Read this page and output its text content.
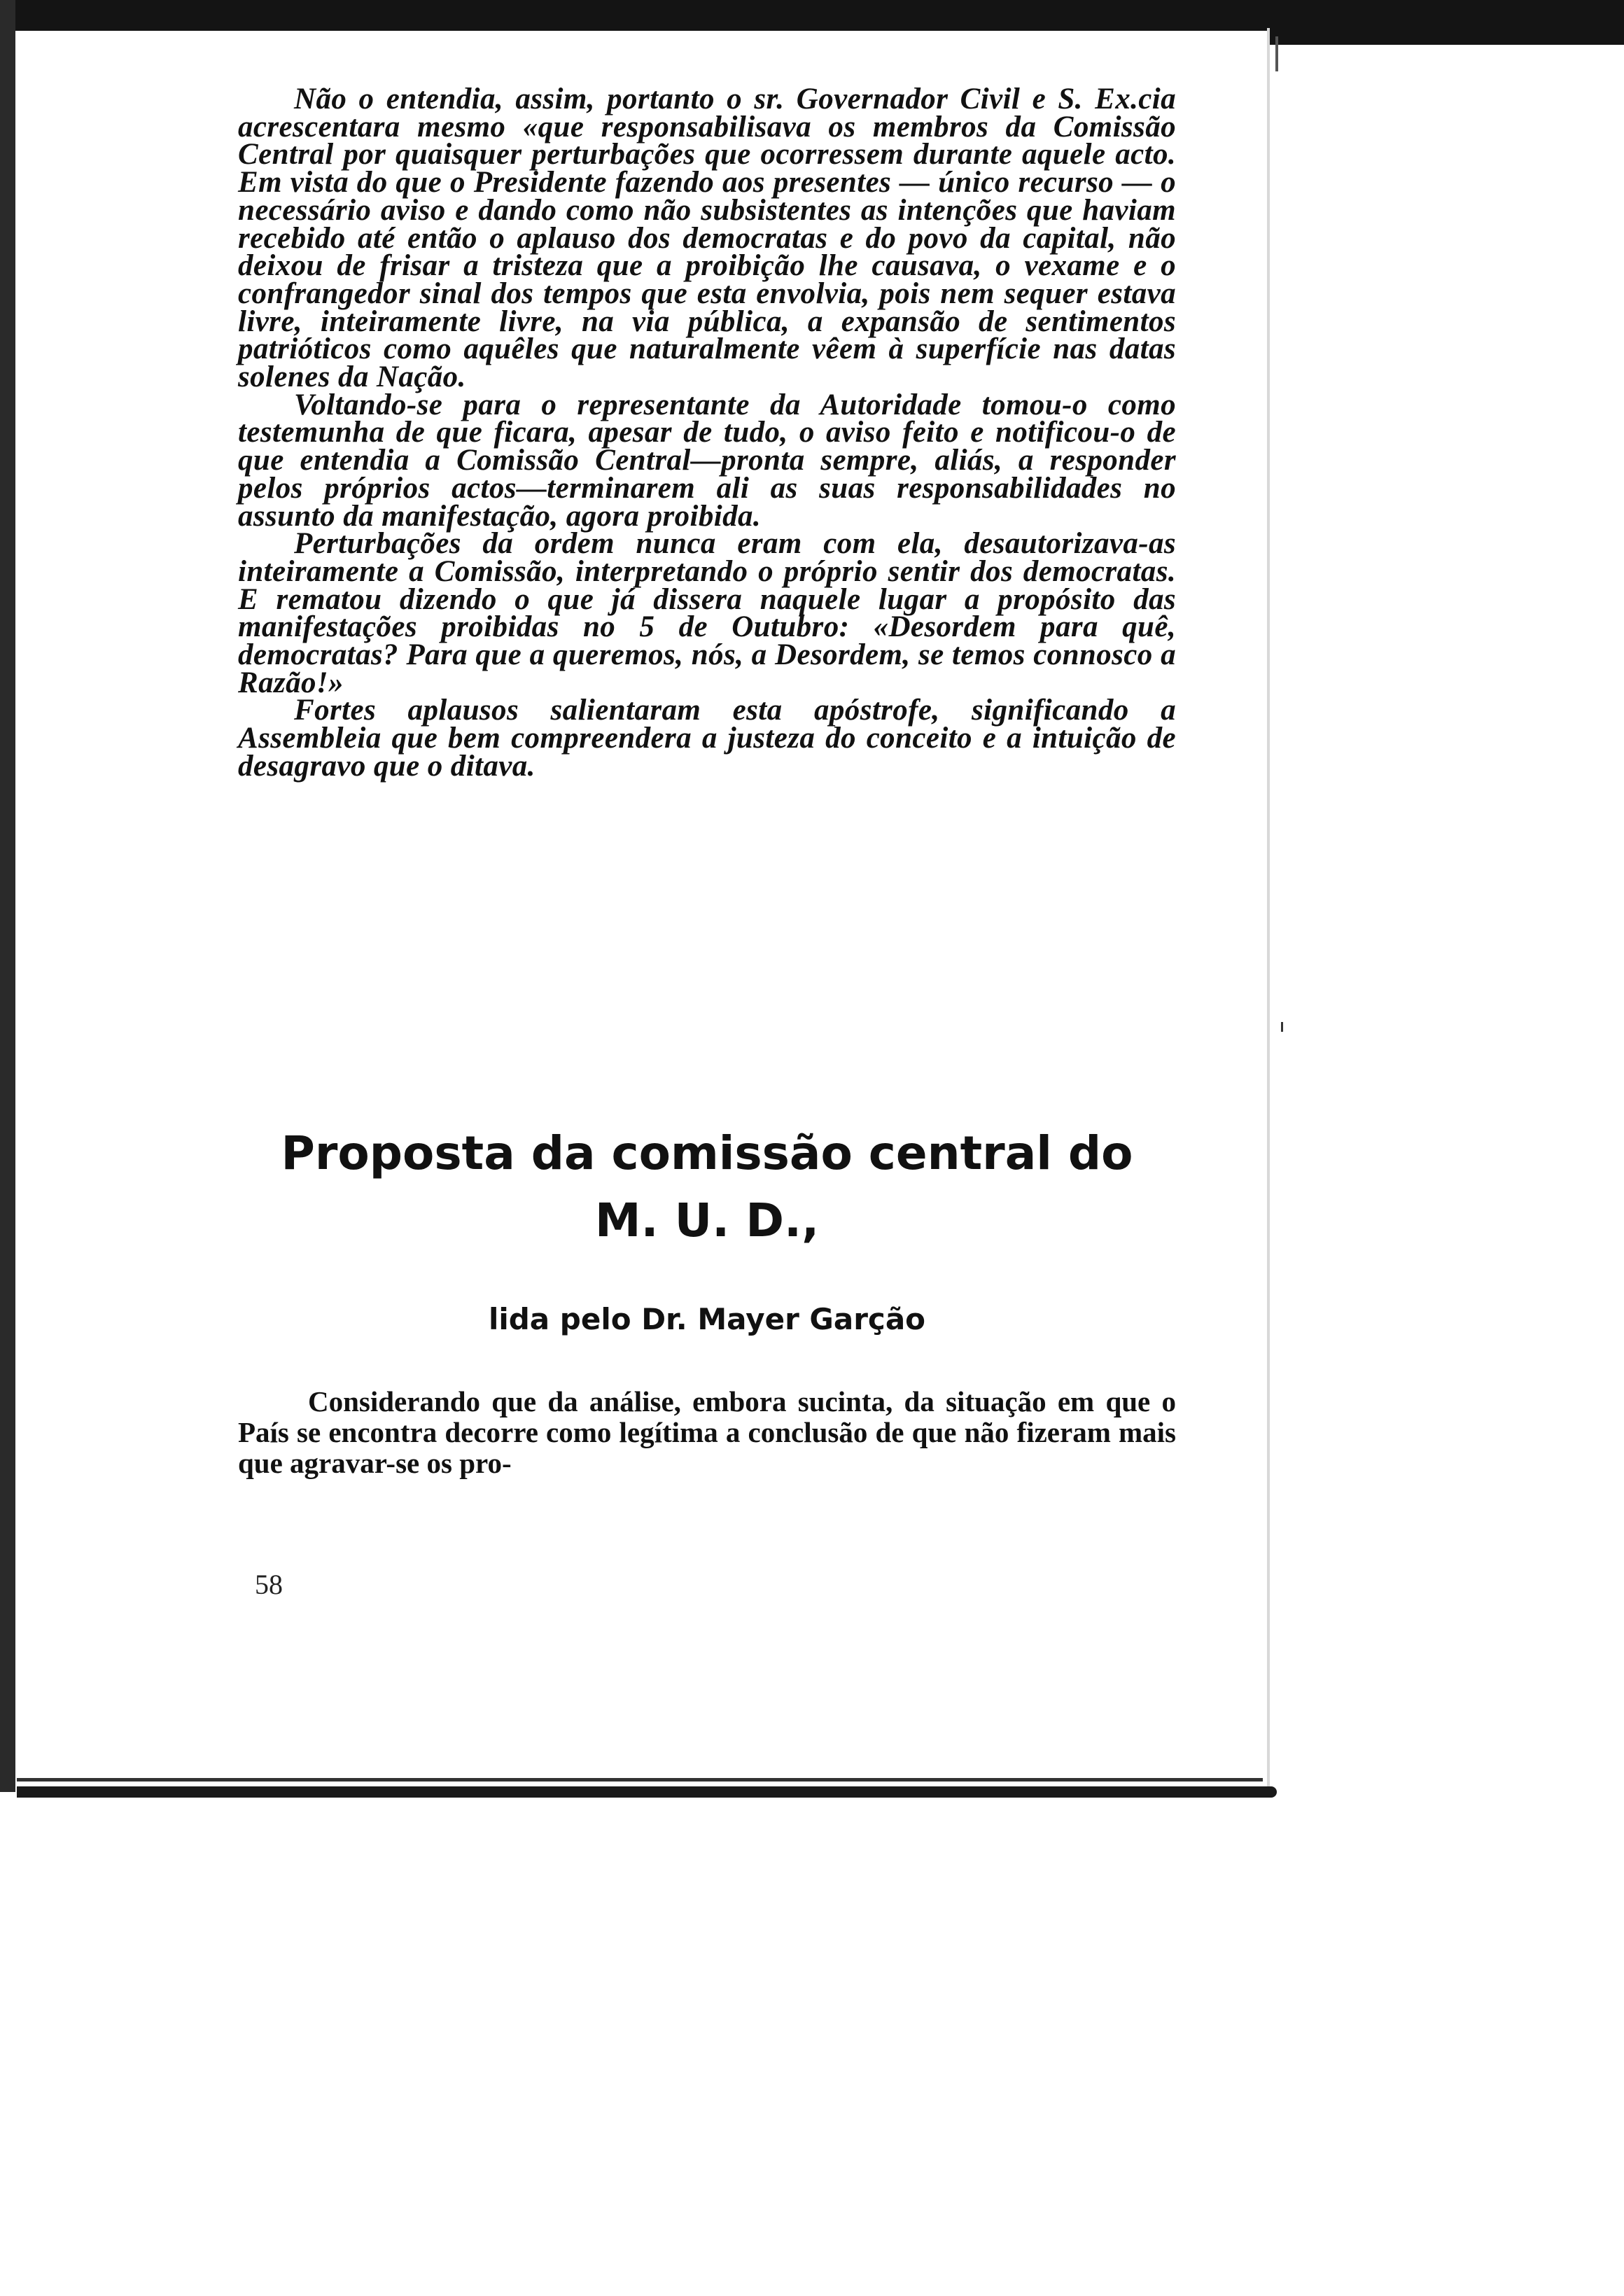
Não o entendia, assim, portanto o sr. Governador Civil e S. Ex.cia acrescentara mesmo «que responsabilisava os membros da Comissão Central por quaisquer perturbações que ocorressem durante aquele acto. Em vista do que o Presidente fazendo aos presentes — único recurso — o necessário aviso e dando como não subsistentes as intenções que haviam recebido até então o aplauso dos democratas e do povo da capital, não deixou de frisar a tristeza que a proibição lhe causava, o vexame e o confrangedor sinal dos tempos que esta envolvia, pois nem sequer estava livre, inteiramente livre, na via pública, a expansão de sentimentos patrióticos como aquêles que naturalmente vêem à superfície nas datas solenes da Nação.

Voltando-se para o representante da Autoridade tomou-o como testemunha de que ficara, apesar de tudo, o aviso feito e notificou-o de que entendia a Comissão Central—pronta sempre, aliás, a responder pelos próprios actos—terminarem ali as suas responsabilidades no assunto da manifestação, agora proibida.

Perturbações da ordem nunca eram com ela, desautorizava-as inteiramente a Comissão, interpretando o próprio sentir dos democratas. E rematou dizendo o que já dissera naquele lugar a propósito das manifestações proibidas no 5 de Outubro: «Desordem para quê, democratas? Para que a queremos, nós, a Desordem, se temos connosco a Razão!»

Fortes aplausos salientaram esta apóstrofe, significando a Assembleia que bem compreendera a justeza do conceito e a intuição de desagravo que o ditava.

Proposta da comissão central do
M. U. D.,
lida pelo Dr. Mayer Garção

Considerando que da análise, embora sucinta, da situação em que o País se encontra decorre como legítima a conclusão de que não fizeram mais que agravar-se os pro-

58
